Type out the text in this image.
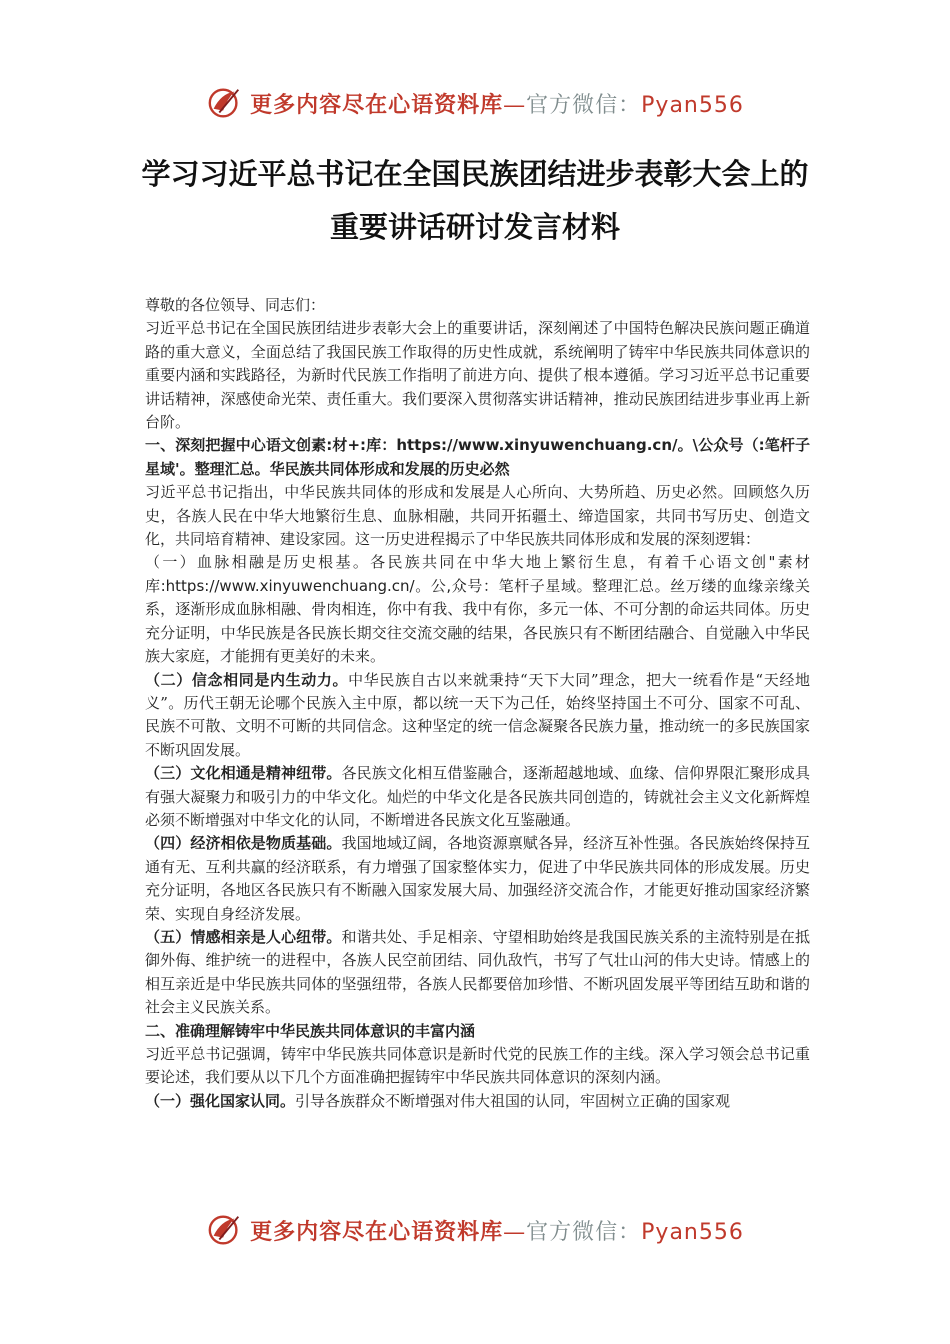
更多内容尽在心语资料库—官方微信：Pyan556
学习习近平总书记在全国民族团结进步表彰大会上的
重要讲话研讨发言材料

尊敬的各位领导、同志们：

习近平总书记在全国民族团结进步表彰大会上的重要讲话，深刻阐述了中国特色解决民族问题正确道路的重大意义，全面总结了我国民族工作取得的历史性成就，系统阐明了铸牢中华民族共同体意识的重要内涵和实践路径，为新时代民族工作指明了前进方向、提供了根本遵循。学习习近平总书记重要讲话精神，深感使命光荣、责任重大。我们要深入贯彻落实讲话精神，推动民族团结进步事业再上新台阶。

一、深刻把握中心语文创素:材+:库：https://www.xinyuwenchuang.cn/。\公众号（:笔杆子星域'。整理汇总。华民族共同体形成和发展的历史必然

习近平总书记指出，中华民族共同体的形成和发展是人心所向、大势所趋、历史必然。回顾悠久历史，各族人民在中华大地繁衍生息、血脉相融，共同开拓疆土、缔造国家，共同书写历史、创造文化，共同培育精神、建设家园。这一历史进程揭示了中华民族共同体形成和发展的深刻逻辑：

（一）血脉相融是历史根基。各民族共同在中华大地上繁衍生息，有着千心语文创"素材库:https://www.xinyuwenchuang.cn/。公,众号：笔杆子星域。整理汇总。丝万缕的血缘亲缘关系，逐渐形成血脉相融、骨肉相连，你中有我、我中有你，多元一体、不可分割的命运共同体。历史充分证明，中华民族是各民族长期交往交流交融的结果，各民族只有不断团结融合、自觉融入中华民族大家庭，才能拥有更美好的未来。

（二）信念相同是内生动力。中华民族自古以来就秉持“天下大同”理念，把大一统看作是“天经地义”。历代王朝无论哪个民族入主中原，都以统一天下为己任，始终坚持国土不可分、国家不可乱、民族不可散、文明不可断的共同信念。这种坚定的统一信念凝聚各民族力量，推动统一的多民族国家不断巩固发展。

（三）文化相通是精神纽带。各民族文化相互借鉴融合，逐渐超越地域、血缘、信仰界限汇聚形成具有强大凝聚力和吸引力的中华文化。灿烂的中华文化是各民族共同创造的，铸就社会主义文化新辉煌必须不断增强对中华文化的认同，不断增进各民族文化互鉴融通。

（四）经济相依是物质基础。我国地域辽阔，各地资源禀赋各异，经济互补性强。各民族始终保持互通有无、互利共赢的经济联系，有力增强了国家整体实力，促进了中华民族共同体的形成发展。历史充分证明，各地区各民族只有不断融入国家发展大局、加强经济交流合作，才能更好推动国家经济繁荣、实现自身经济发展。

（五）情感相亲是人心纽带。和谐共处、手足相亲、守望相助始终是我国民族关系的主流特别是在抵御外侮、维护统一的进程中，各族人民空前团结、同仇敌忾，书写了气壮山河的伟大史诗。情感上的相互亲近是中华民族共同体的坚强纽带，各族人民都要倍加珍惜、不断巩固发展平等团结互助和谐的社会主义民族关系。

二、准确理解铸牢中华民族共同体意识的丰富内涵

习近平总书记强调，铸牢中华民族共同体意识是新时代党的民族工作的主线。深入学习领会总书记重要论述，我们要从以下几个方面准确把握铸牢中华民族共同体意识的深刻内涵。

（一）强化国家认同。引导各族群众不断增强对伟大祖国的认同，牢固树立正确的国家观

更多内容尽在心语资料库—官方微信：Pyan556
